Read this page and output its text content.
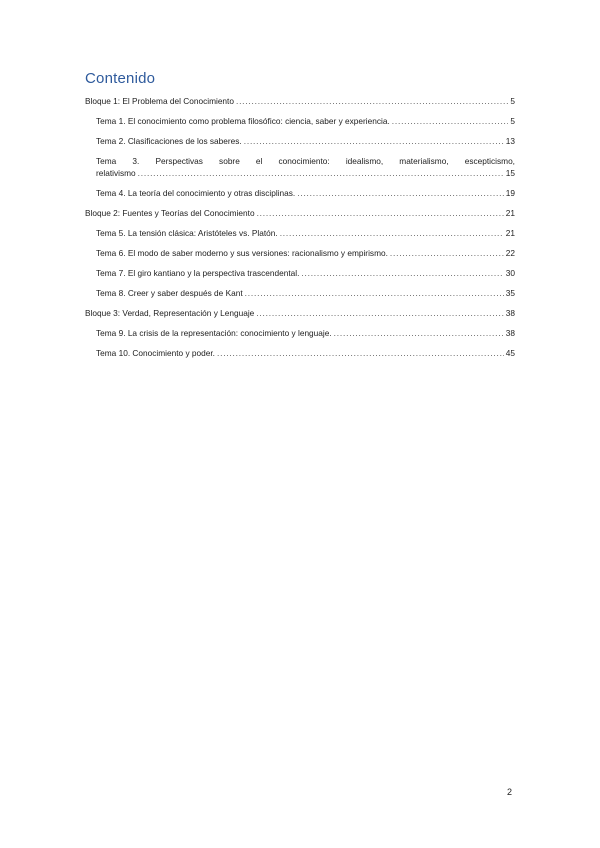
Contenido
Bloque 1: El Problema del Conocimiento .....	5
Tema 1. El conocimiento como problema filosófico: ciencia, saber y experiencia. .....	5
Tema 2. Clasificaciones de los saberes. .....	13
Tema 3. Perspectivas sobre el conocimiento: idealismo, materialismo, escepticismo,
relativismo .....	15
Tema 4. La teoría del conocimiento y otras disciplinas. .....	19
Bloque 2: Fuentes y Teorías del Conocimiento .....	21
Tema 5. La tensión clásica: Aristóteles vs. Platón. .....	21
Tema 6. El modo de saber moderno y sus versiones: racionalismo y empirismo. .....	22
Tema 7. El giro kantiano y la perspectiva trascendental. .....	30
Tema 8. Creer y saber después de Kant .....	35
Bloque 3: Verdad, Representación y Lenguaje .....	38
Tema 9. La crisis de la representación: conocimiento y lenguaje. .....	38
Tema 10. Conocimiento y poder. .....	45
2
